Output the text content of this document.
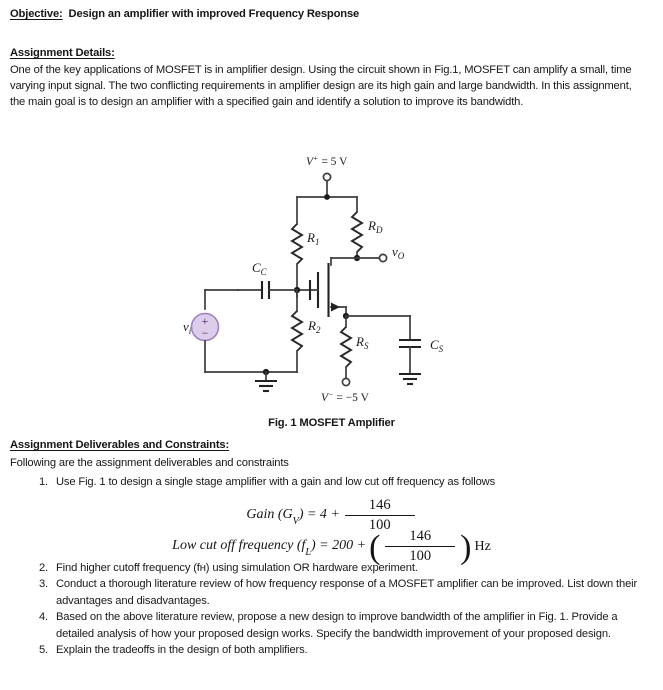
Objective: Design an amplifier with improved Frequency Response
Assignment Details:
One of the key applications of MOSFET is in amplifier design. Using the circuit shown in Fig.1, MOSFET can amplify a small, time varying input signal. The two conflicting requirements in amplifier design are its high gain and large bandwidth. In this assignment, the main goal is to design an amplifier with a specified gain and identify a solution to improve its bandwidth.
V+ = 5 V
$R_1$
$R_D$
$v_O$
$C_C$
$R_2$
+
−
$v_i$
$R_S$
V− = −5 V
$C_S$
Fig. 1 MOSFET Amplifier
Assignment Deliverables and Constraints:
Following are the assignment deliverables and constraints
1. Use Fig. 1 to design a single stage amplifier with a gain and low cut off frequency as follows
Gain $(G_V) = 4 + \frac{146}{100}$
Low cut off frequency $(f_L) = 200$ + ( $\frac{146}{100}$ ) Hz
2. Find higher cutoff frequency (fʜ) using simulation OR hardware experiment.
3. Conduct a thorough literature review of how frequency response of a MOSFET amplifier can be improved. List down their advantages and disadvantages.
4. Based on the above literature review, propose a new design to improve bandwidth of the amplifier in Fig. 1. Provide a detailed analysis of how your proposed design works. Specify the bandwidth improvement of your proposed design.
5. Explain the tradeoffs in the design of both amplifiers.
